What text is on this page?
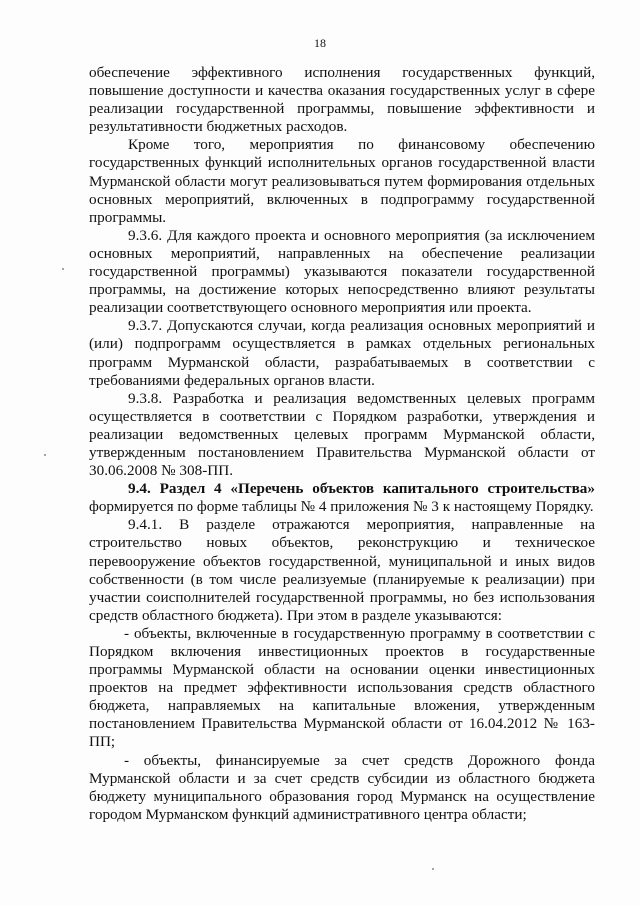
18

обеспечение эффективного исполнения государственных функций, повышение доступности и качества оказания государственных услуг в сфере реализации государственной программы, повышение эффективности и результативности бюджетных расходов.

Кроме того, мероприятия по финансовому обеспечению государственных функций исполнительных органов государственной власти Мурманской области могут реализовываться путем формирования отдельных основных мероприятий, включенных в подпрограмму государственной программы.

9.3.6. Для каждого проекта и основного мероприятия (за исключением основных мероприятий, направленных на обеспечение реализации государственной программы) указываются показатели государственной программы, на достижение которых непосредственно влияют результаты реализации соответствующего основного мероприятия или проекта.

9.3.7. Допускаются случаи, когда реализация основных мероприятий и (или) подпрограмм осуществляется в рамках отдельных региональных программ Мурманской области, разрабатываемых в соответствии с требованиями федеральных органов власти.

9.3.8. Разработка и реализация ведомственных целевых программ осуществляется в соответствии с Порядком разработки, утверждения и реализации ведомственных целевых программ Мурманской области, утвержденным постановлением Правительства Мурманской области от 30.06.2008 № 308-ПП.

9.4. Раздел 4 «Перечень объектов капитального строительства» формируется по форме таблицы № 4 приложения № 3 к настоящему Порядку.

9.4.1. В разделе отражаются мероприятия, направленные на строительство новых объектов, реконструкцию и техническое перевооружение объектов государственной, муниципальной и иных видов собственности (в том числе реализуемые (планируемые к реализации) при участии соисполнителей государственной программы, но без использования средств областного бюджета). При этом в разделе указываются:

- объекты, включенные в государственную программу в соответствии с Порядком включения инвестиционных проектов в государственные программы Мурманской области на основании оценки инвестиционных проектов на предмет эффективности использования средств областного бюджета, направляемых на капитальные вложения, утвержденным постановлением Правительства Мурманской области от 16.04.2012 № 163-ПП;

- объекты, финансируемые за счет средств Дорожного фонда Мурманской области и за счет средств субсидии из областного бюджета бюджету муниципального образования город Мурманск на осуществление городом Мурманском функций административного центра области;
